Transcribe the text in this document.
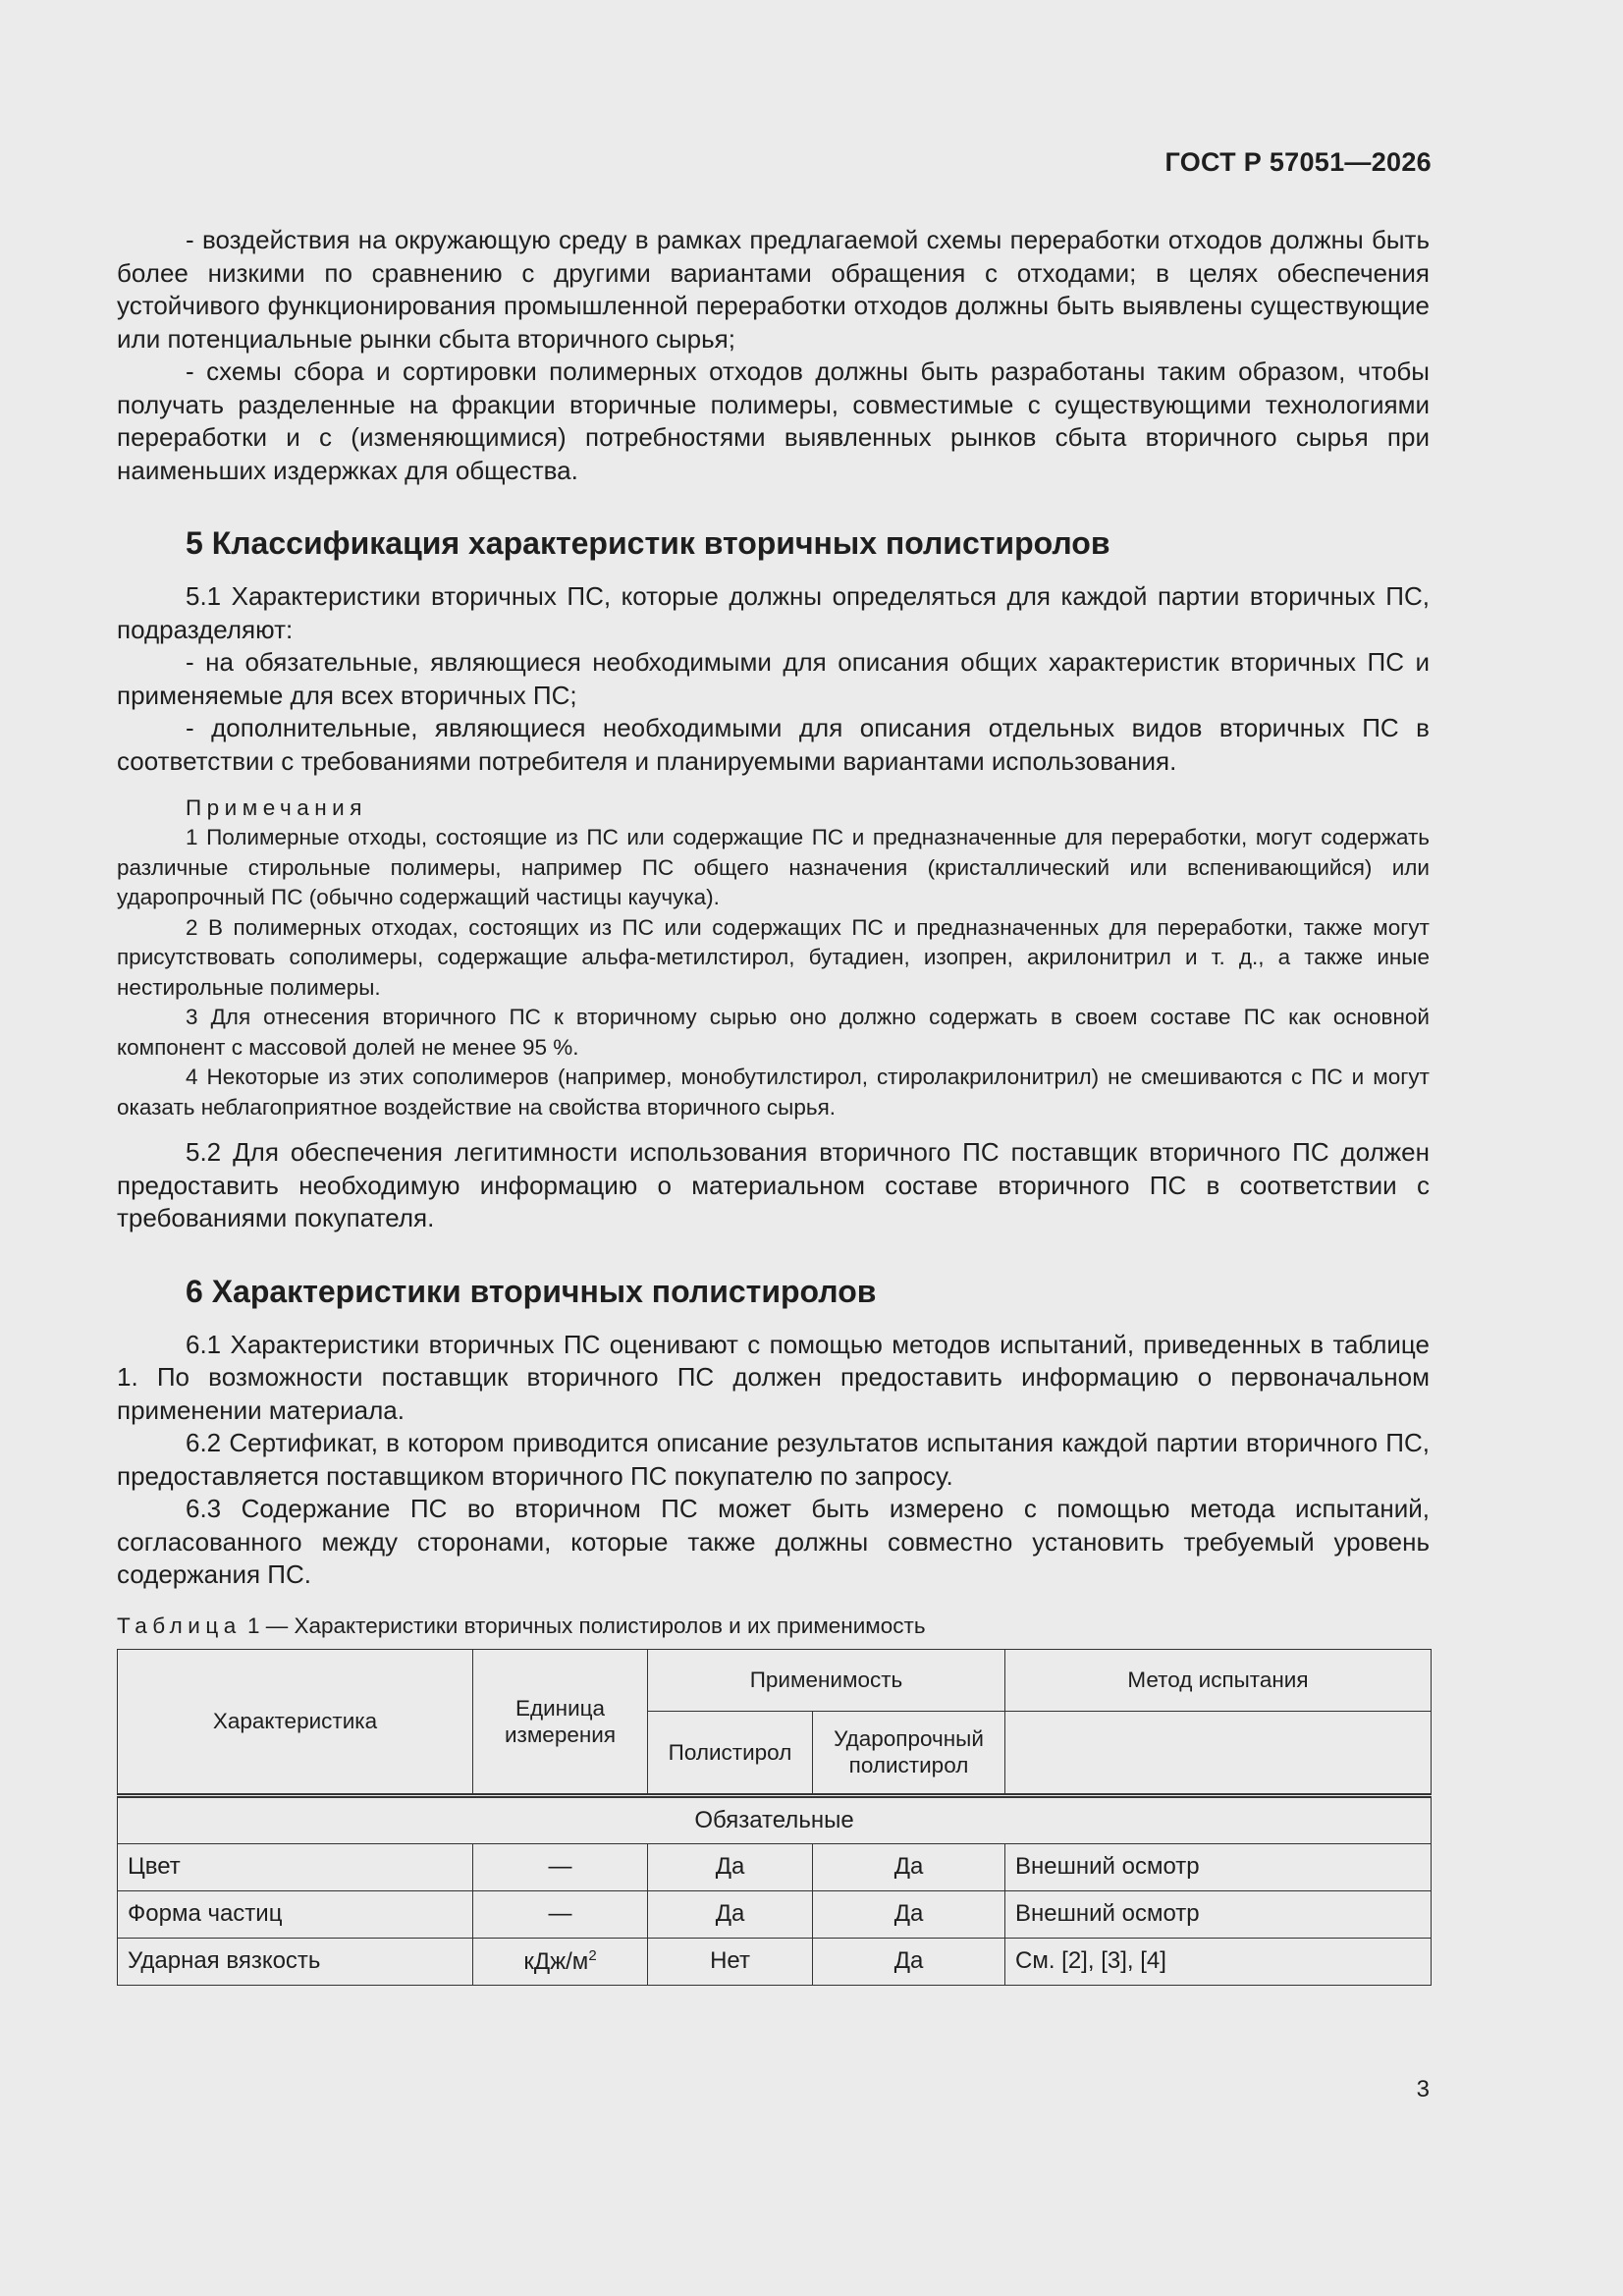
ГОСТ Р 57051—2026

- воздействия на окружающую среду в рамках предлагаемой схемы переработки отходов должны быть более низкими по сравнению с другими вариантами обращения с отходами; в целях обеспечения устойчивого функционирования промышленной переработки отходов должны быть выявлены существующие или потенциальные рынки сбыта вторичного сырья;

- схемы сбора и сортировки полимерных отходов должны быть разработаны таким образом, чтобы получать разделенные на фракции вторичные полимеры, совместимые с существующими технологиями переработки и с (изменяющимися) потребностями выявленных рынков сбыта вторичного сырья при наименьших издержках для общества.

5 Классификация характеристик вторичных полистиролов

5.1 Характеристики вторичных ПС, которые должны определяться для каждой партии вторичных ПС, подразделяют:

- на обязательные, являющиеся необходимыми для описания общих характеристик вторичных ПС и применяемые для всех вторичных ПС;

- дополнительные, являющиеся необходимыми для описания отдельных видов вторичных ПС в соответствии с требованиями потребителя и планируемыми вариантами использования.

Примечания

1 Полимерные отходы, состоящие из ПС или содержащие ПС и предназначенные для переработки, могут содержать различные стирольные полимеры, например ПС общего назначения (кристаллический или вспенивающийся) или ударопрочный ПС (обычно содержащий частицы каучука).

2 В полимерных отходах, состоящих из ПС или содержащих ПС и предназначенных для переработки, также могут присутствовать сополимеры, содержащие альфа-метилстирол, бутадиен, изопрен, акрилонитрил и т. д., а также иные нестирольные полимеры.

3 Для отнесения вторичного ПС к вторичному сырью оно должно содержать в своем составе ПС как основной компонент с массовой долей не менее 95 %.

4 Некоторые из этих сополимеров (например, монобутилстирол, стиролакрилонитрил) не смешиваются с ПС и могут оказать неблагоприятное воздействие на свойства вторичного сырья.

5.2 Для обеспечения легитимности использования вторичного ПС поставщик вторичного ПС должен предоставить необходимую информацию о материальном составе вторичного ПС в соответствии с требованиями покупателя.

6 Характеристики вторичных полистиролов

6.1 Характеристики вторичных ПС оценивают с помощью методов испытаний, приведенных в таблице 1. По возможности поставщик вторичного ПС должен предоставить информацию о первоначальном применении материала.

6.2 Сертификат, в котором приводится описание результатов испытания каждой партии вторичного ПС, предоставляется поставщиком вторичного ПС покупателю по запросу.

6.3 Содержание ПС во вторичном ПС может быть измерено с помощью метода испытаний, согласованного между сторонами, которые также должны совместно установить требуемый уровень содержания ПС.

Таблица 1 — Характеристики вторичных полистиролов и их применимость
Характеристика	Единица измерения	Применимость		Метод испытания
		Полистирол	Ударопрочный полистирол	
Обязательные				
Цвет	—	Да	Да	Внешний осмотр
Форма частиц	—	Да	Да	Внешний осмотр
Ударная вязкость	кДж/$м^2$	Нет	Да	См. [2], [3], [4]
3
